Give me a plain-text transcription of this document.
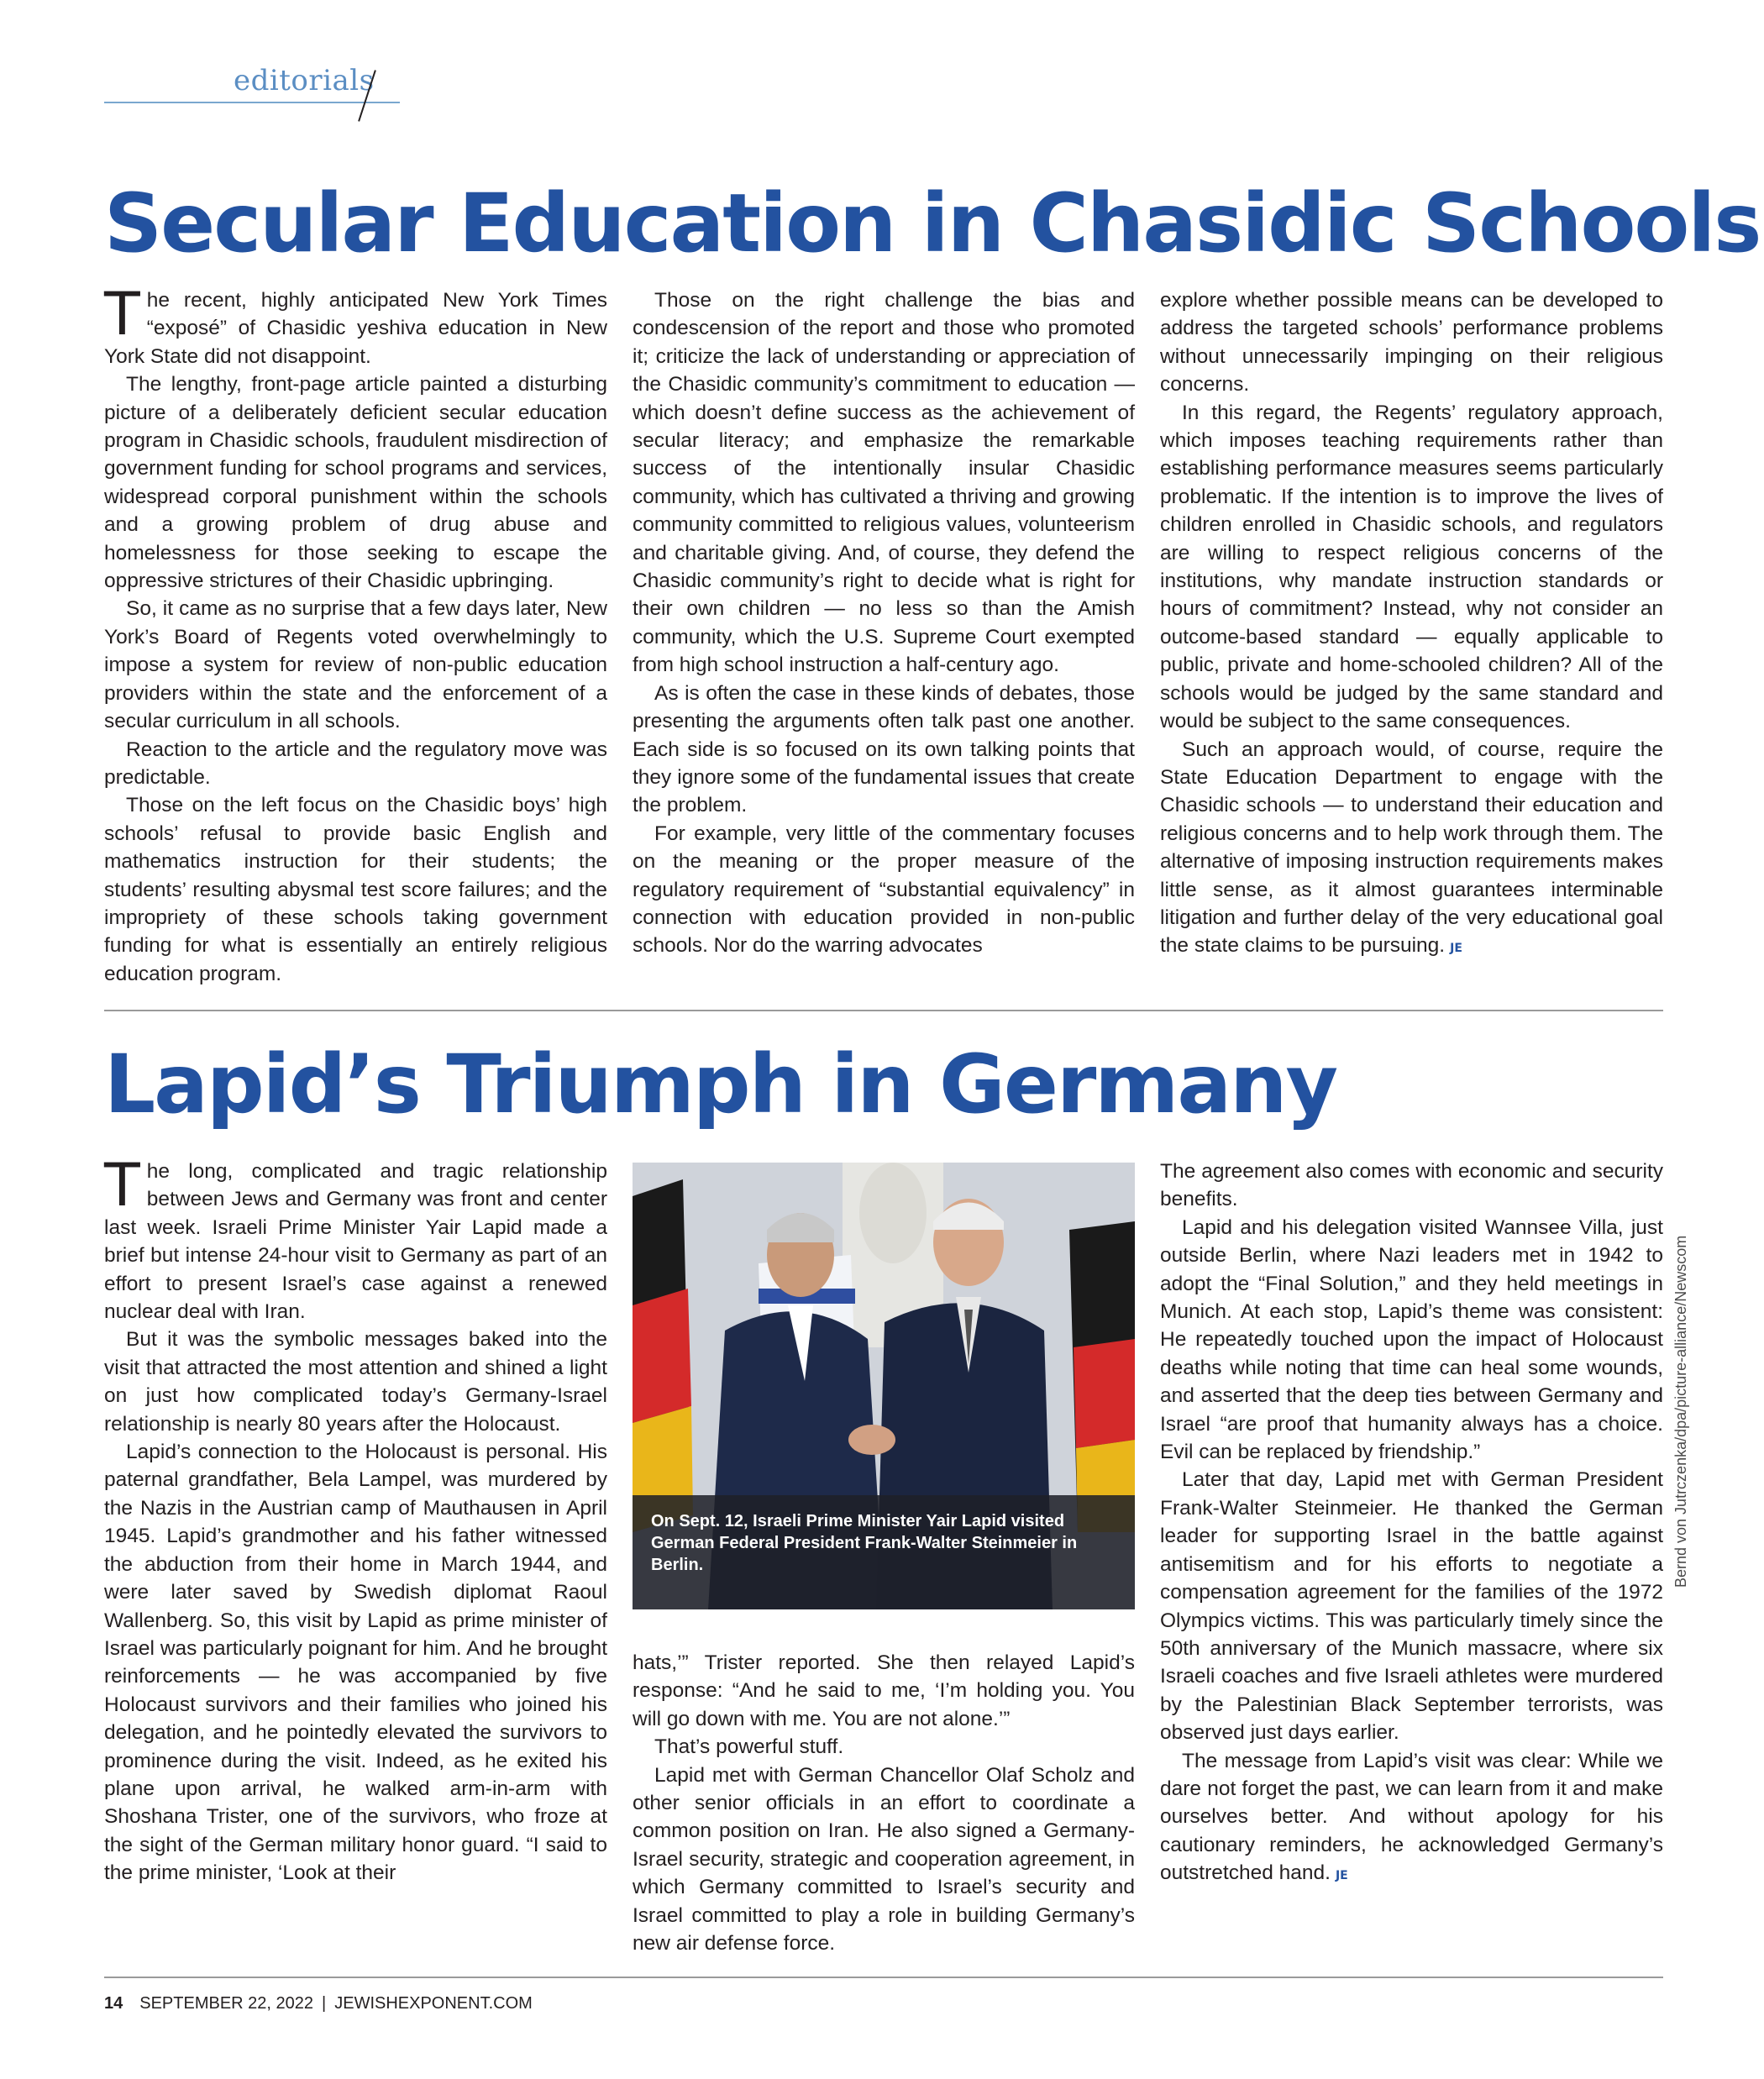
editorials
Secular Education in Chasidic Schools

The recent, highly anticipated New York Times “exposé” of Chasidic yeshiva education in New York State did not disappoint.

The lengthy, front-page article painted a disturbing picture of a deliberately deficient secular education program in Chasidic schools, fraudulent misdirection of government funding for school programs and services, widespread corporal punishment within the schools and a growing problem of drug abuse and homelessness for those seeking to escape the oppressive strictures of their Chasidic upbringing.

So, it came as no surprise that a few days later, New York’s Board of Regents voted overwhelmingly to impose a system for review of non-public education providers within the state and the enforcement of a secular curriculum in all schools.

Reaction to the article and the regulatory move was predictable.

Those on the left focus on the Chasidic boys’ high schools’ refusal to provide basic English and mathematics instruction for their students; the students’ resulting abysmal test score failures; and the impropriety of these schools taking government funding for what is essentially an entirely religious education program.

Those on the right challenge the bias and condescension of the report and those who promoted it; criticize the lack of understanding or appreciation of the Chasidic community’s commitment to education — which doesn’t define success as the achievement of secular literacy; and emphasize the remarkable success of the intentionally insular Chasidic community, which has cultivated a thriving and growing community committed to religious values, volunteerism and charitable giving. And, of course, they defend the Chasidic community’s right to decide what is right for their own children — no less so than the Amish community, which the U.S. Supreme Court exempted from high school instruction a half-century ago.

As is often the case in these kinds of debates, those presenting the arguments often talk past one another. Each side is so focused on its own talking points that they ignore some of the fundamental issues that create the problem.

For example, very little of the commentary focuses on the meaning or the proper measure of the regulatory requirement of “substantial equivalency” in connection with education provided in non-public schools. Nor do the warring advocates

explore whether possible means can be developed to address the targeted schools’ performance problems without unnecessarily impinging on their religious concerns.

In this regard, the Regents’ regulatory approach, which imposes teaching requirements rather than establishing performance measures seems particularly problematic. If the intention is to improve the lives of children enrolled in Chasidic schools, and regulators are willing to respect religious concerns of the institutions, why mandate instruction standards or hours of commitment? Instead, why not consider an outcome-based standard — equally applicable to public, private and home-schooled children? All of the schools would be judged by the same standard and would be subject to the same consequences.

Such an approach would, of course, require the State Education Department to engage with the Chasidic schools — to understand their education and religious concerns and to help work through them. The alternative of imposing instruction requirements makes little sense, as it almost guarantees interminable litigation and further delay of the very educational goal the state claims to be pursuing. JE

Lapid’s Triumph in Germany

The long, complicated and tragic relationship between Jews and Germany was front and center last week. Israeli Prime Minister Yair Lapid made a brief but intense 24-hour visit to Germany as part of an effort to present Israel’s case against a renewed nuclear deal with Iran.

But it was the symbolic messages baked into the visit that attracted the most attention and shined a light on just how complicated today’s Germany-Israel relationship is nearly 80 years after the Holocaust.

Lapid’s connection to the Holocaust is personal. His paternal grandfather, Bela Lampel, was murdered by the Nazis in the Austrian camp of Mauthausen in April 1945. Lapid’s grandmother and his father witnessed the abduction from their home in March 1944, and were later saved by Swedish diplomat Raoul Wallenberg. So, this visit by Lapid as prime minister of Israel was particularly poignant for him. And he brought reinforcements — he was accompanied by five Holocaust survivors and their families who joined his delegation, and he pointedly elevated the survivors to prominence during the visit. Indeed, as he exited his plane upon arrival, he walked arm-in-arm with Shoshana Trister, one of the survivors, who froze at the sight of the German military honor guard. “I said to the prime minister, ‘Look at their

On Sept. 12, Israeli Prime Minister Yair Lapid visited German Federal President Frank-Walter Steinmeier in Berlin.

hats,’” Trister reported. She then relayed Lapid’s response: “And he said to me, ‘I’m holding you. You will go down with me. You are not alone.’”

That’s powerful stuff.

Lapid met with German Chancellor Olaf Scholz and other senior officials in an effort to coordinate a common position on Iran. He also signed a Germany-Israel security, strategic and cooperation agreement, in which Germany committed to Israel’s security and Israel committed to play a role in building Germany’s new air defense force.

The agreement also comes with economic and security benefits.

Lapid and his delegation visited Wannsee Villa, just outside Berlin, where Nazi leaders met in 1942 to adopt the “Final Solution,” and they held meetings in Munich. At each stop, Lapid’s theme was consistent: He repeatedly touched upon the impact of Holocaust deaths while noting that time can heal some wounds, and asserted that the deep ties between Germany and Israel “are proof that humanity always has a choice. Evil can be replaced by friendship.”

Later that day, Lapid met with German President Frank-Walter Steinmeier. He thanked the German leader for supporting Israel in the battle against antisemitism and for his efforts to negotiate a compensation agreement for the families of the 1972 Olympics victims. This was particularly timely since the 50th anniversary of the Munich massacre, where six Israeli coaches and five Israeli athletes were murdered by the Palestinian Black September terrorists, was observed just days earlier.

The message from Lapid’s visit was clear: While we dare not forget the past, we can learn from it and make ourselves better. And without apology for his cautionary reminders, he acknowledged Germany’s outstretched hand. JE

Bernd von Jutrczenka/dpa/picture-alliance/Newscom
14 SEPTEMBER 22, 2022 | JEWISHEXPONENT.COM
